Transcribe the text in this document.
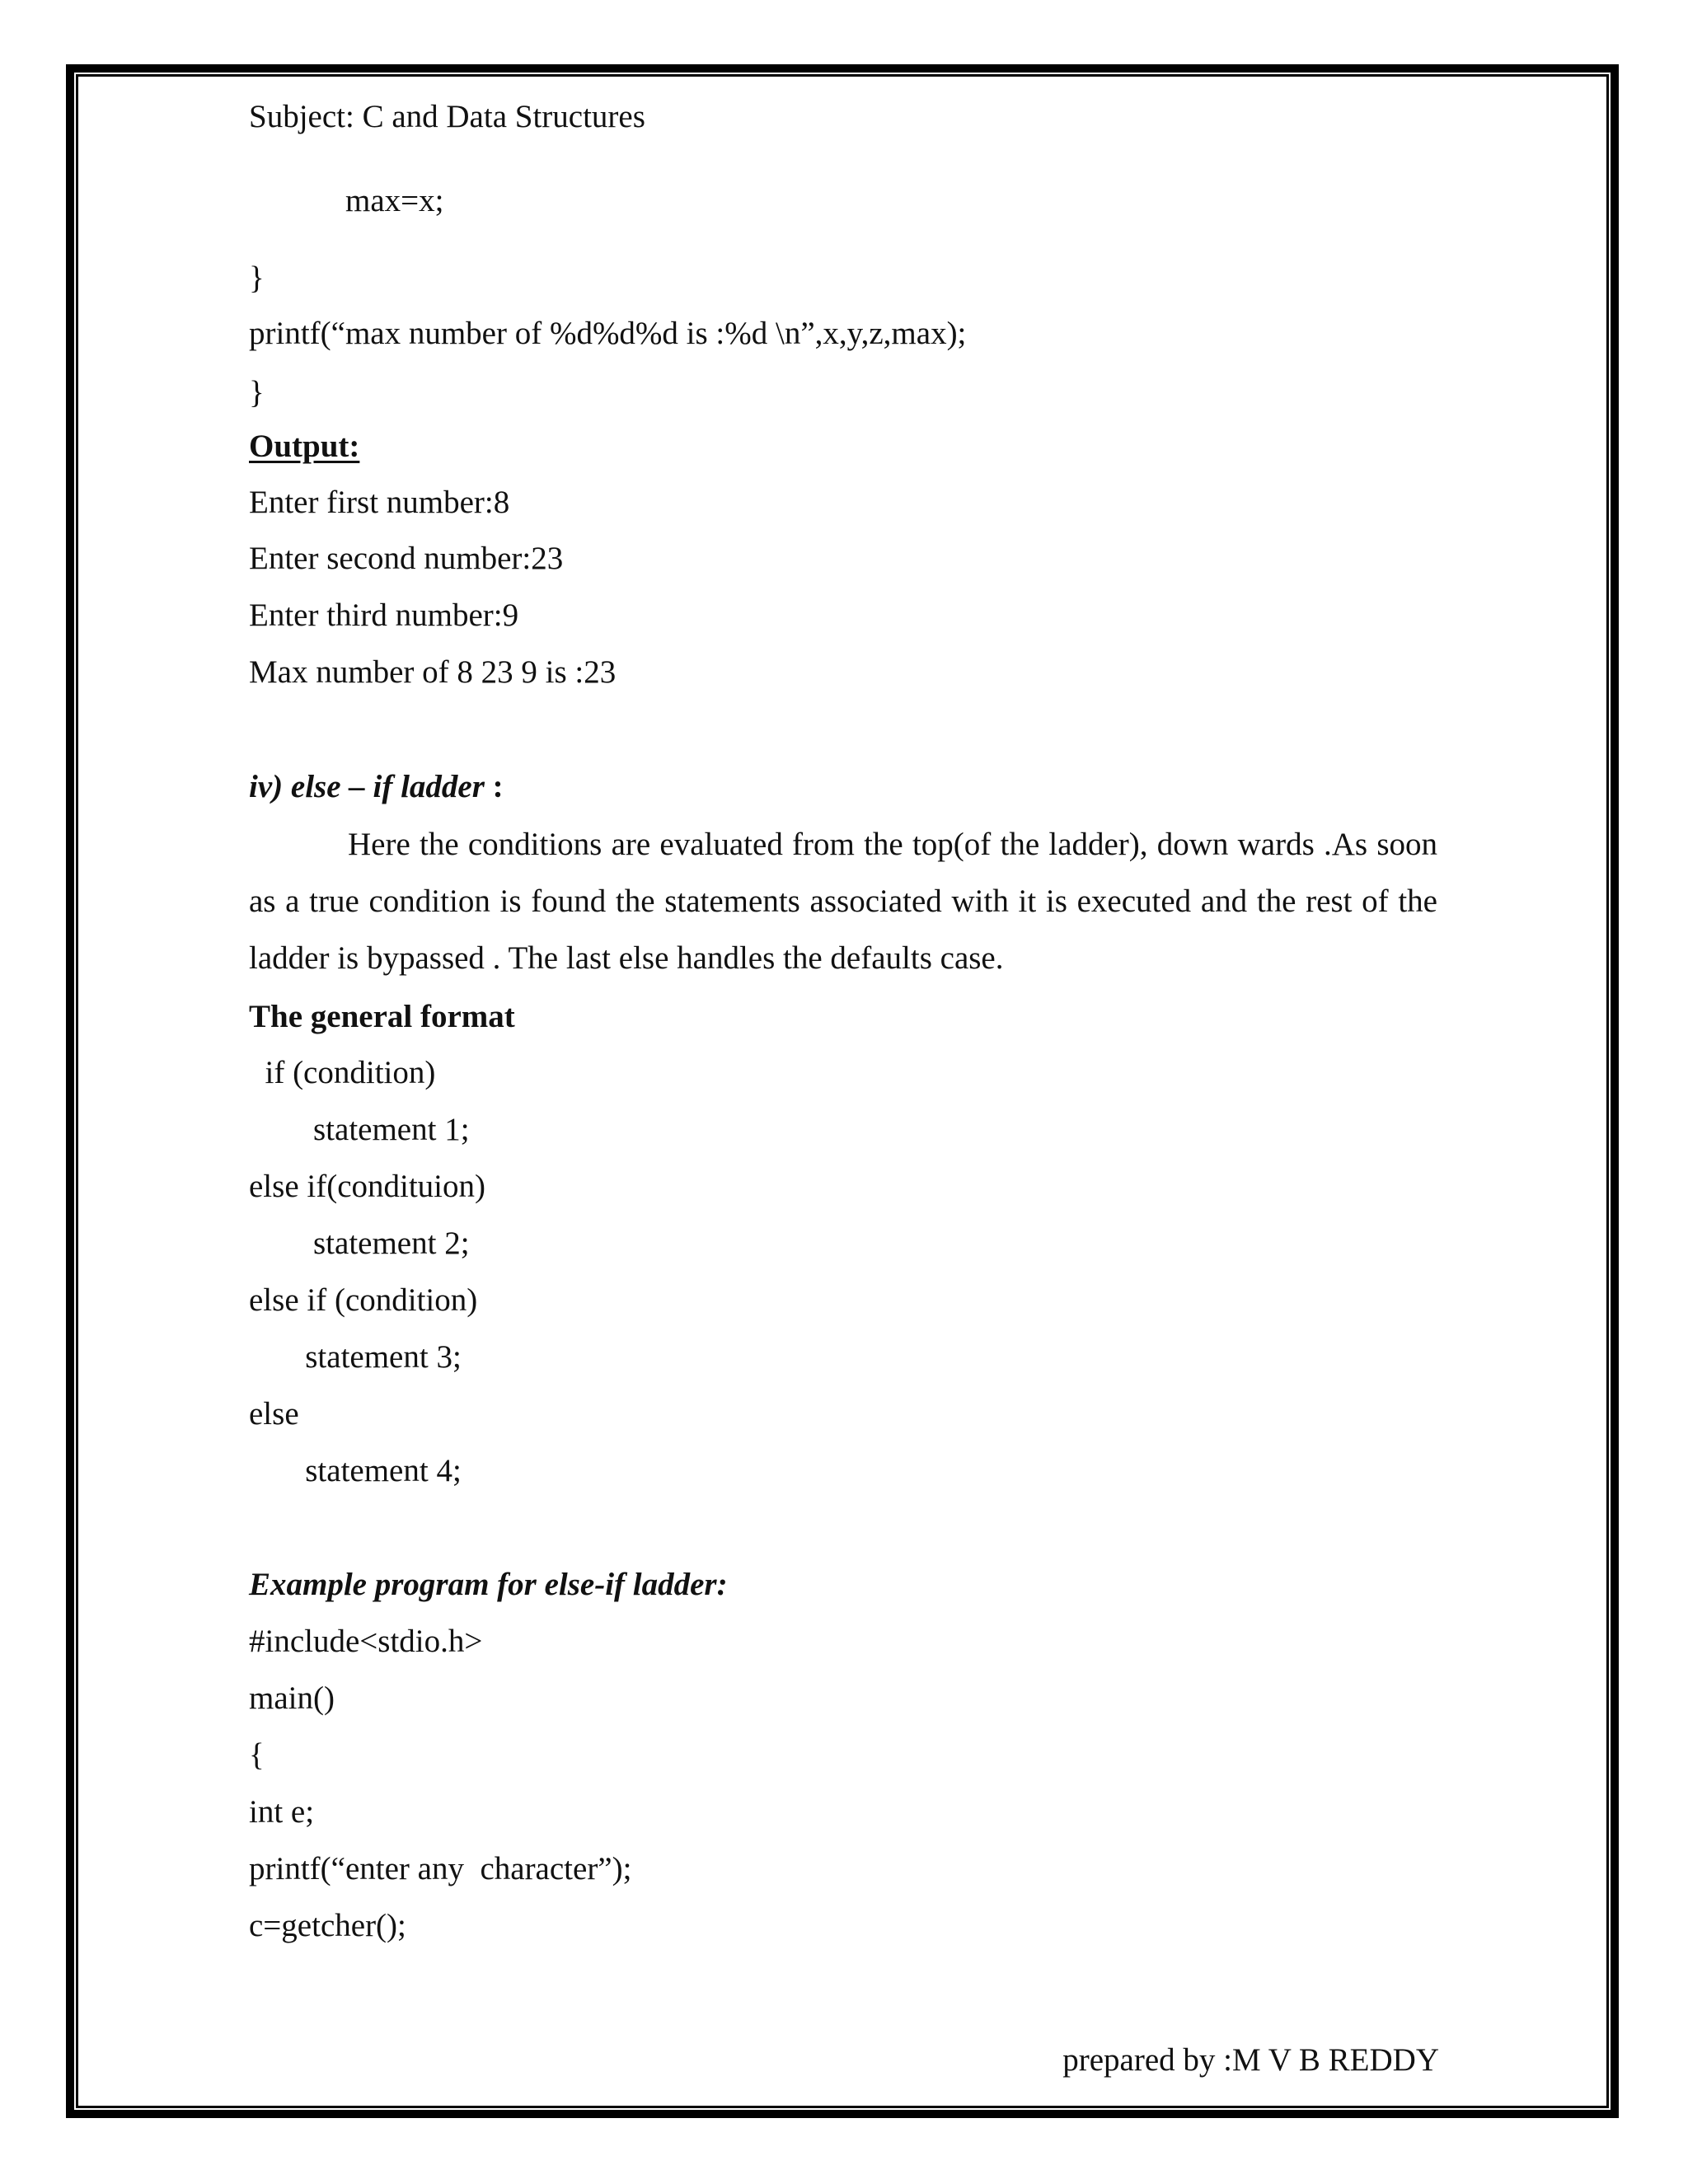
Subject: C and Data Structures

max=x;

}

printf(“max number of %d%d%d is :%d \n”,x,y,z,max);

}

Output:

Enter first number:8

Enter second number:23

Enter third number:9

Max number of 8 23 9 is :23

iv) else – if ladder :

Here the conditions are evaluated from the top(of the ladder), down wards .As soon as a true condition is found the statements associated with it is executed and the rest of the ladder is bypassed . The last else handles the defaults case.

The general format

if (condition)

statement 1;

else if(condituion)

statement 2;

else if (condition)

statement 3;

else

statement 4;

Example program for else-if ladder:

#include<stdio.h>

main()

{

int e;

printf(“enter any  character”);

c=getcher();

prepared by :M V B REDDY
